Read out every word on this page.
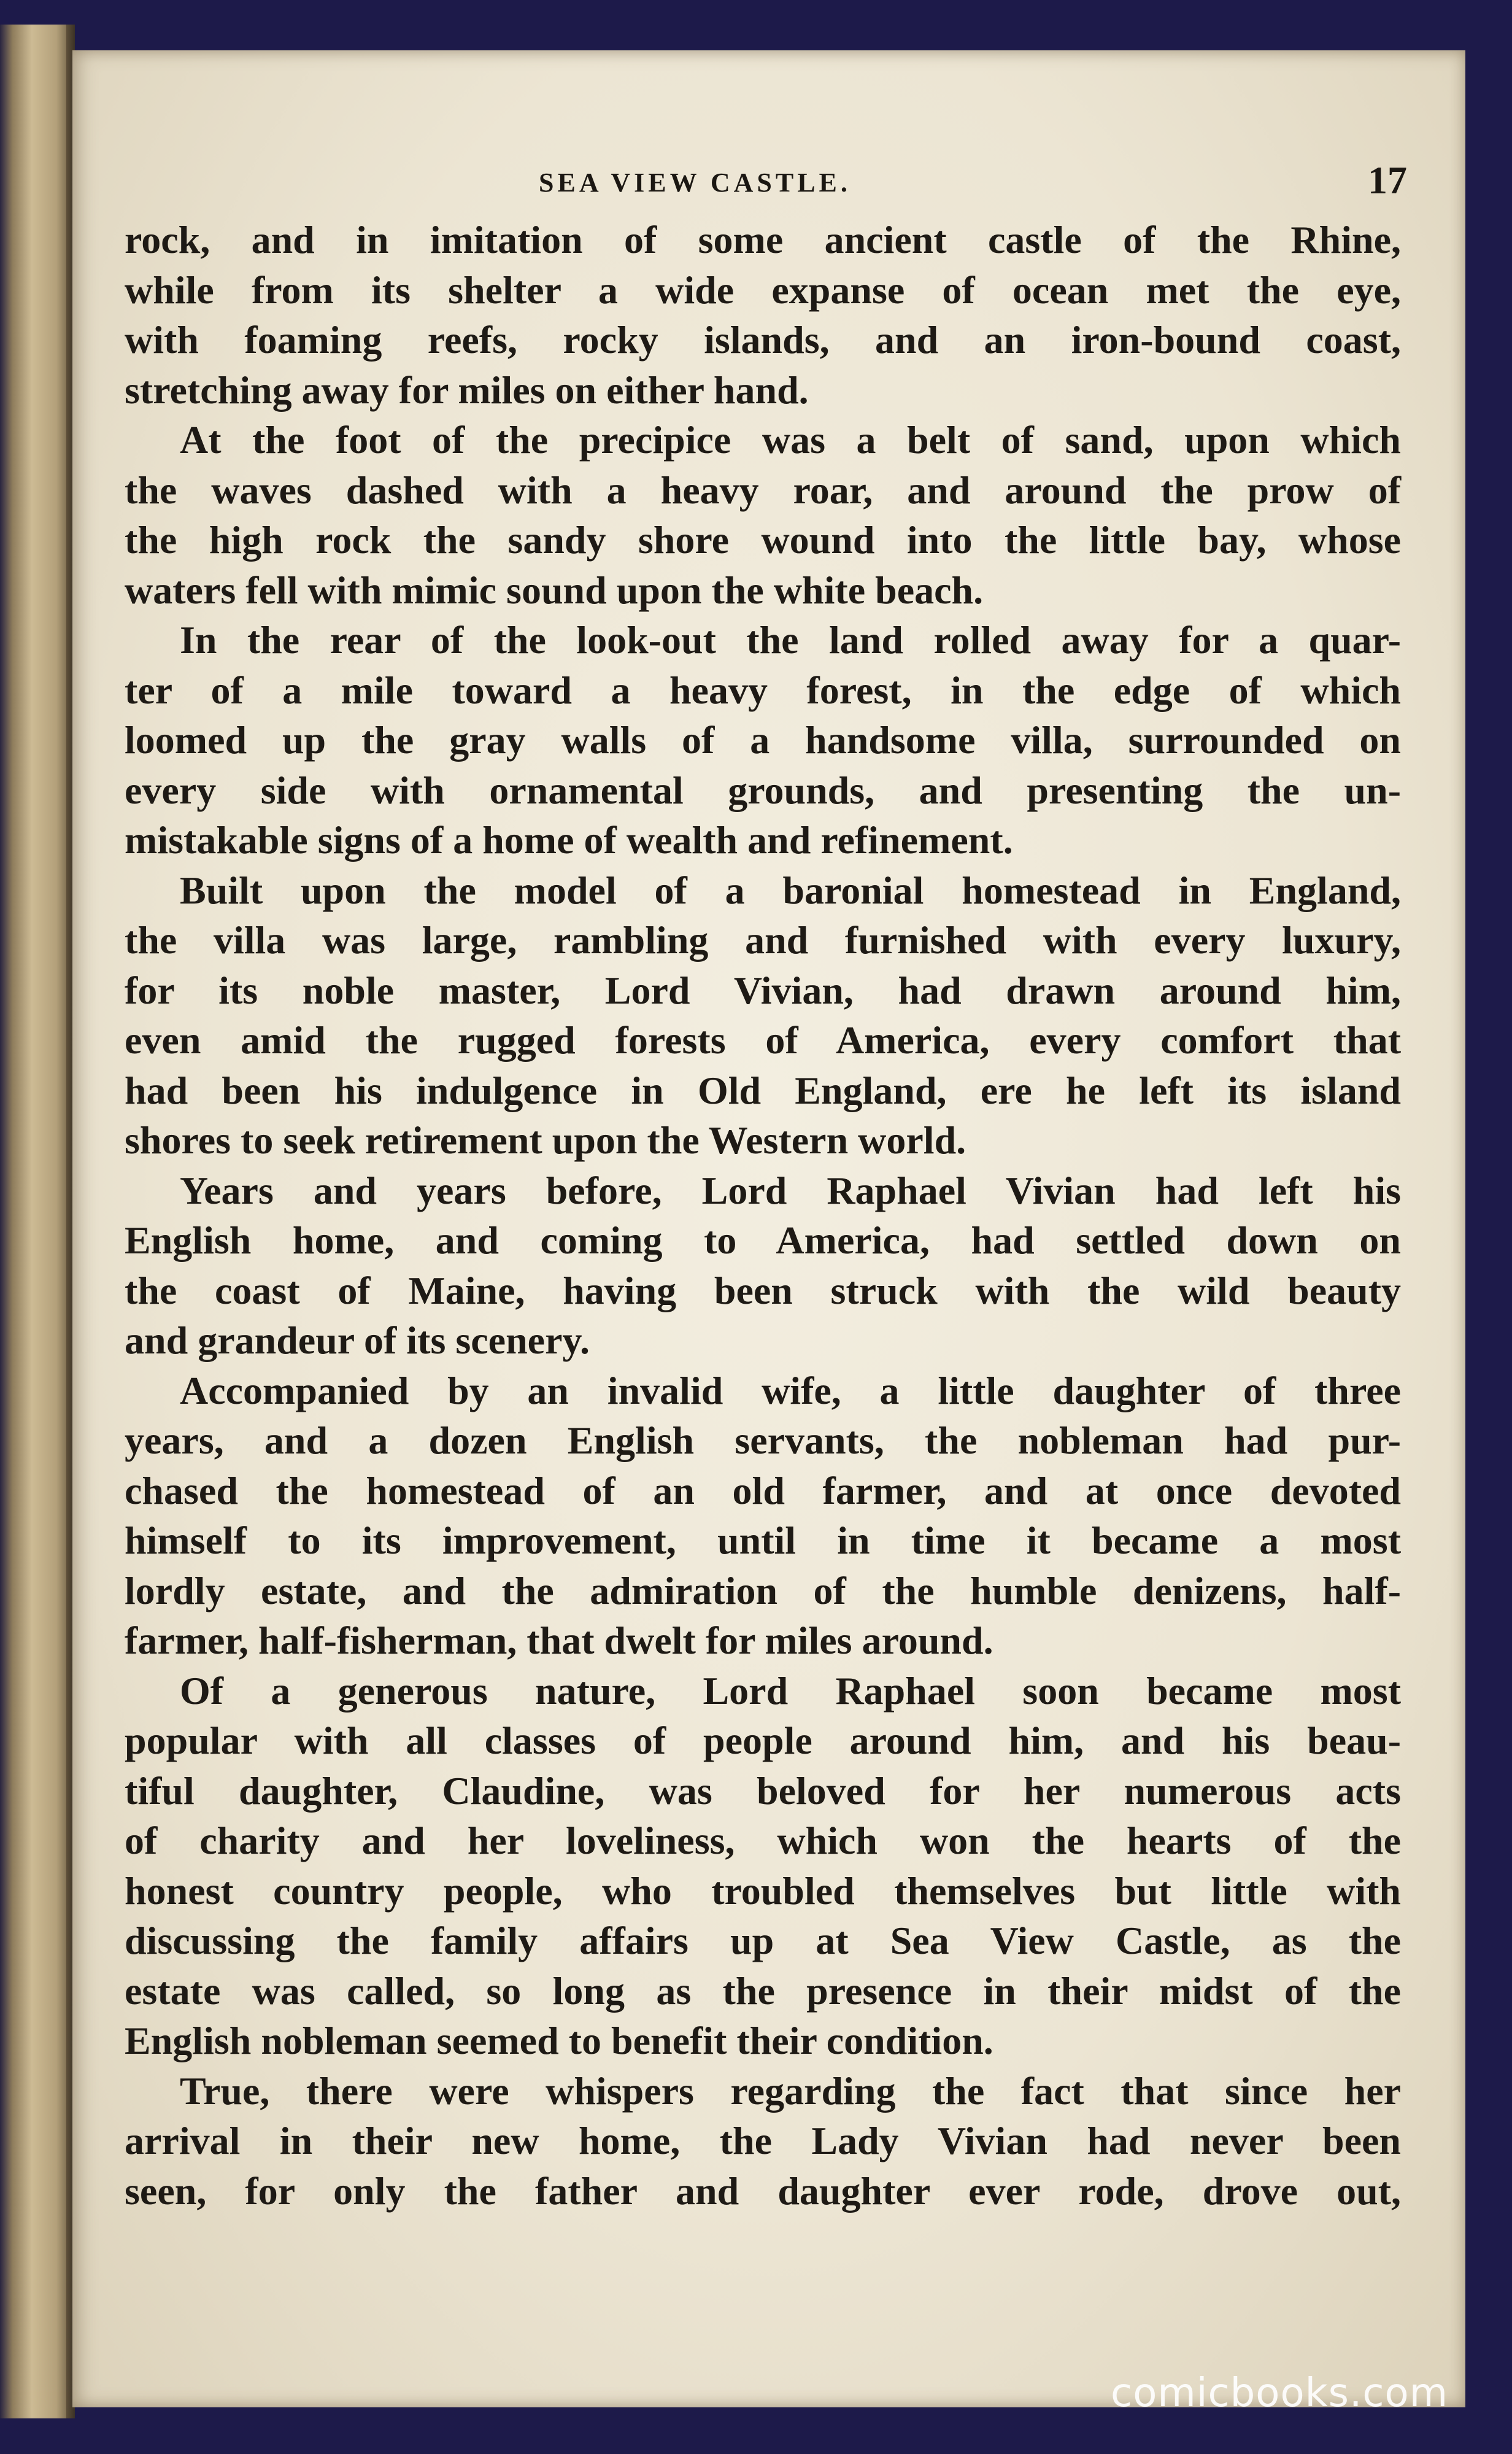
SEA VIEW CASTLE.	17
rock, and in imitation of some ancient castle of the Rhine,
while from its shelter a wide expanse of ocean met the eye,
with foaming reefs, rocky islands, and an iron-bound coast,
stretching away for miles on either hand.
At the foot of the precipice was a belt of sand, upon which
the waves dashed with a heavy roar, and around the prow of
the high rock the sandy shore wound into the little bay, whose
waters fell with mimic sound upon the white beach.
In the rear of the look-out the land rolled away for a quar-
ter of a mile toward a heavy forest, in the edge of which
loomed up the gray walls of a handsome villa, surrounded on
every side with ornamental grounds, and presenting the un-
mistakable signs of a home of wealth and refinement.
Built upon the model of a baronial homestead in England,
the villa was large, rambling and furnished with every luxury,
for its noble master, Lord Vivian, had drawn around him,
even amid the rugged forests of America, every comfort that
had been his indulgence in Old England, ere he left its island
shores to seek retirement upon the Western world.
Years and years before, Lord Raphael Vivian had left his
English home, and coming to America, had settled down on
the coast of Maine, having been struck with the wild beauty
and grandeur of its scenery.
Accompanied by an invalid wife, a little daughter of three
years, and a dozen English servants, the nobleman had pur-
chased the homestead of an old farmer, and at once devoted
himself to its improvement, until in time it became a most
lordly estate, and the admiration of the humble denizens, half-
farmer, half-fisherman, that dwelt for miles around.
Of a generous nature, Lord Raphael soon became most
popular with all classes of people around him, and his beau-
tiful daughter, Claudine, was beloved for her numerous acts
of charity and her loveliness, which won the hearts of the
honest country people, who troubled themselves but little with
discussing the family affairs up at Sea View Castle, as the
estate was called, so long as the presence in their midst of the
English nobleman seemed to benefit their condition.
True, there were whispers regarding the fact that since her
arrival in their new home, the Lady Vivian had never been
seen, for only the father and daughter ever rode, drove out,
comicbooks.com
